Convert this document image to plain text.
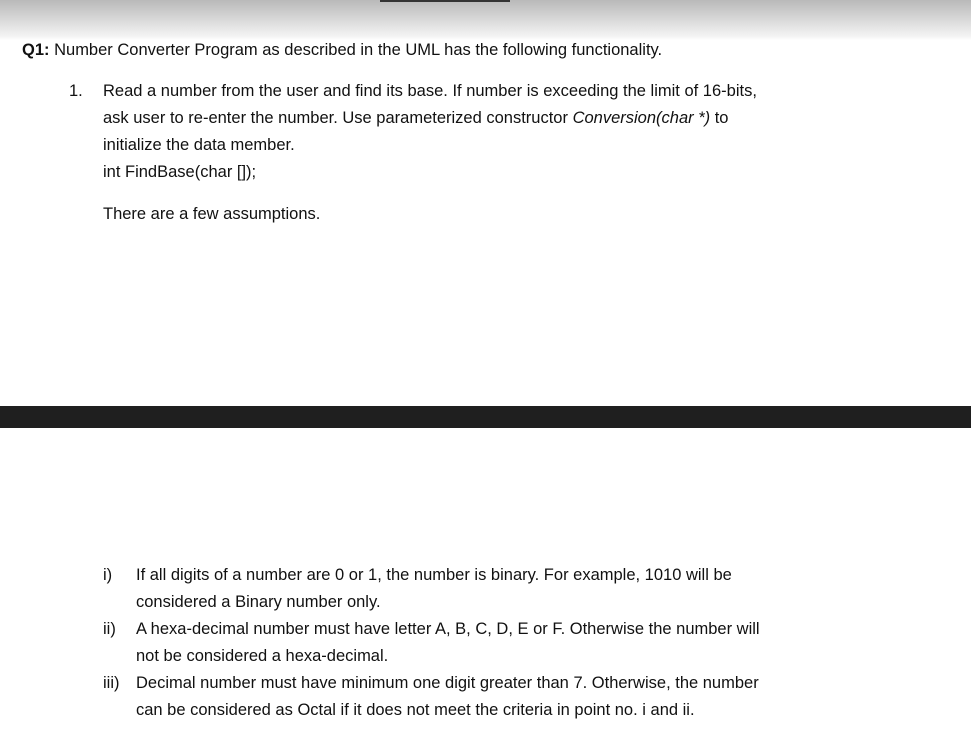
Q1: Number Converter Program as described in the UML has the following functionality.
1. Read a number from the user and find its base. If number is exceeding the limit of 16-bits,
ask user to re-enter the number. Use parameterized constructor Conversion(char *) to
initialize the data member.
int FindBase(char []);
There are a few assumptions.
i) If all digits of a number are 0 or 1, the number is binary. For example, 1010 will be
considered a Binary number only.
ii) A hexa-decimal number must have letter A, B, C, D, E or F. Otherwise the number will
not be considered a hexa-decimal.
iii) Decimal number must have minimum one digit greater than 7. Otherwise, the number
can be considered as Octal if it does not meet the criteria in point no. i and ii.
